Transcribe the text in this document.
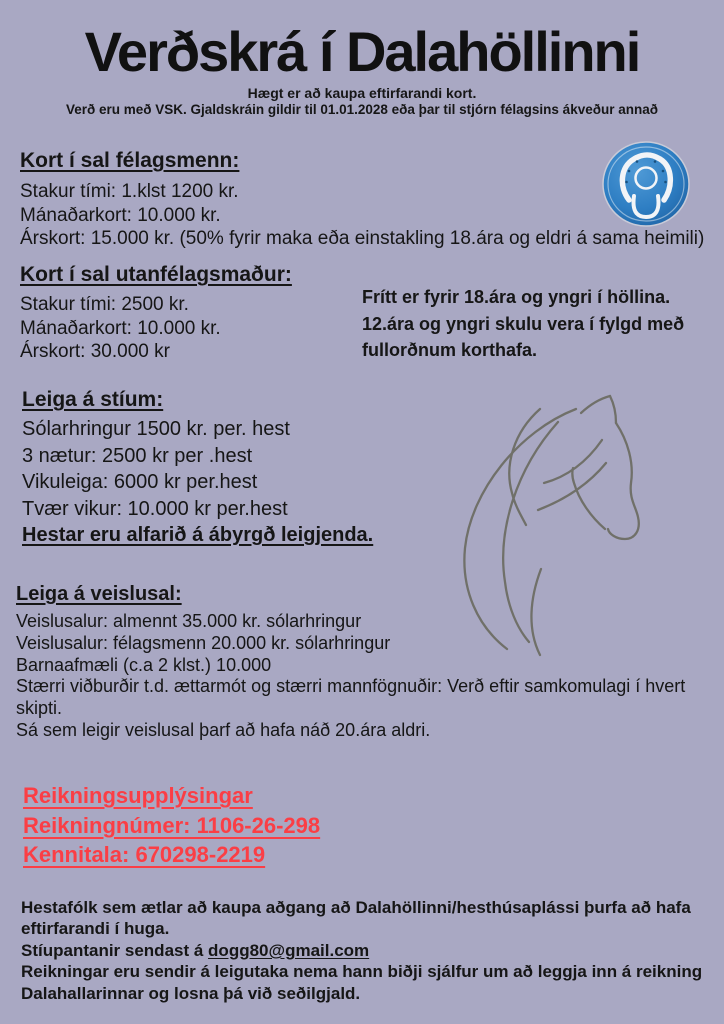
Verðskrá í Dalahöllinni
Hægt er að kaupa eftirfarandi kort.
Verð eru með VSK. Gjaldskráin gildir til 01.01.2028 eða þar til stjórn félagsins ákveður annað
Kort í sal félagsmenn:
Stakur tími: 1.klst 1200 kr.
Mánaðarkort: 10.000 kr.
Árskort: 15.000 kr. (50% fyrir maka eða einstakling 18.ára og eldri á sama heimili)
Kort í sal utanfélagsmaður:
Stakur tími: 2500 kr.
Mánaðarkort: 10.000 kr.
Árskort: 30.000 kr
Frítt er fyrir 18.ára og yngri í höllina.
12.ára og yngri skulu vera í fylgd með
fullorðnum korthafa.
Leiga á stíum:
Sólarhringur 1500 kr. per. hest
3 nætur: 2500 kr per .hest
Vikuleiga: 6000 kr per.hest
Tvær vikur: 10.000 kr per.hest
Hestar eru alfarið á ábyrgð leigjenda.
Leiga á veislusal:
Veislusalur: almennt 35.000 kr. sólarhringur
Veislusalur: félagsmenn 20.000 kr. sólarhringur
Barnaafmæli (c.a 2 klst.) 10.000
Stærri viðburðir t.d. ættarmót og stærri mannfögnuðir: Verð eftir samkomulagi í hvert skipti.
Sá sem leigir veislusal þarf að hafa náð 20.ára aldri.
Reikningsupplýsingar
Reikningnúmer: 1106-26-298
Kennitala: 670298-2219
Hestafólk sem ætlar að kaupa aðgang að Dalahöllinni/hesthúsaplássi þurfa að hafa eftirfarandi í huga.
Stíupantanir sendast á dogg80@gmail.com
Reikningar eru sendir á leigutaka nema hann biðji sjálfur um að leggja inn á reikning Dalahallarinnar og losna þá við seðilgjald.
